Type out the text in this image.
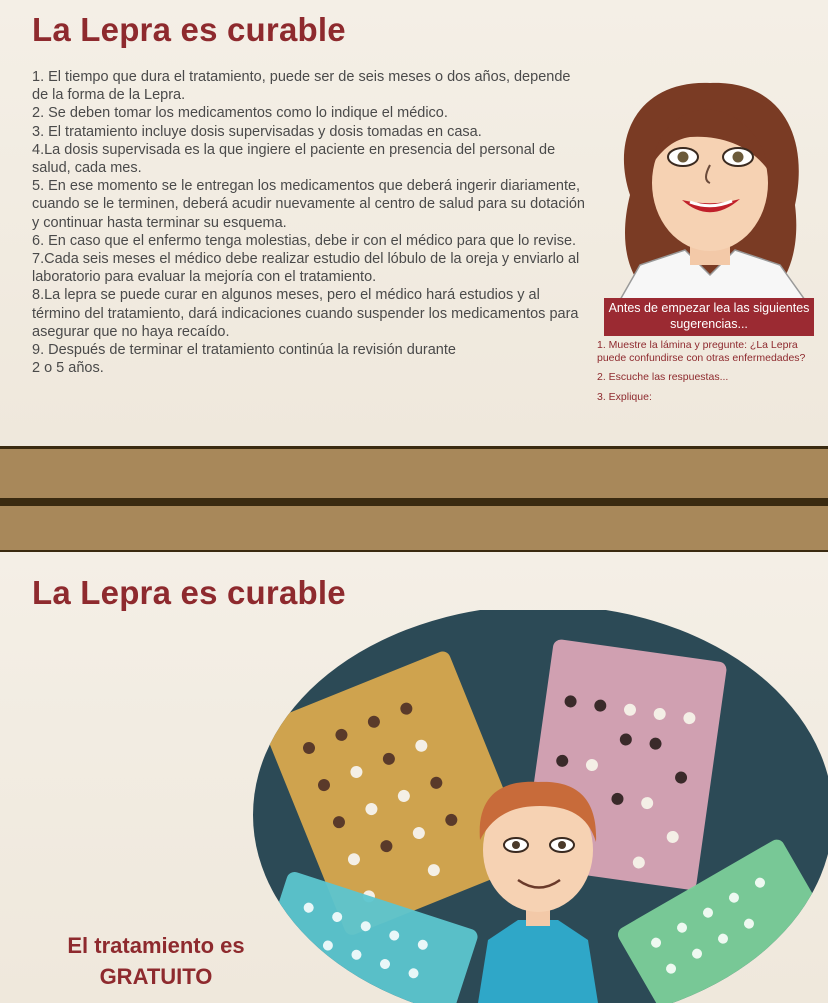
La Lepra es curable
1. El tiempo que dura el tratamiento, puede ser de seis meses o dos años, depende de la forma de la Lepra.
2. Se deben tomar los medicamentos como lo indique el médico.
3. El tratamiento incluye dosis supervisadas y dosis tomadas en casa.
4.La dosis supervisada es la que ingiere el paciente en presencia del personal de salud, cada mes.
5. En ese momento se le entregan los medicamentos que deberá ingerir diariamente, cuando se le terminen, deberá acudir nuevamente al centro de salud para su dotación y continuar hasta terminar su esquema.
6. En caso que el enfermo tenga molestias, debe ir con el médico para que lo revise.
7.Cada seis meses el médico debe realizar estudio del lóbulo de la oreja y enviarlo al laboratorio para evaluar la mejoría con el tratamiento.
8.La lepra se puede curar en algunos meses, pero el médico hará estudios y al término del tratamiento, dará indicaciones cuando suspender los medicamentos para asegurar que no haya recaído.
9. Después de terminar el tratamiento continúa la revisión durante
2 o 5 años.
Antes de empezar lea las siguientes sugerencias...
1. Muestre la lámina y pregunte: ¿La Lepra puede confundirse con otras enfermedades?
2. Escuche las respuestas...
3. Explique:
La Lepra es curable
El tratamiento es
GRATUITO
